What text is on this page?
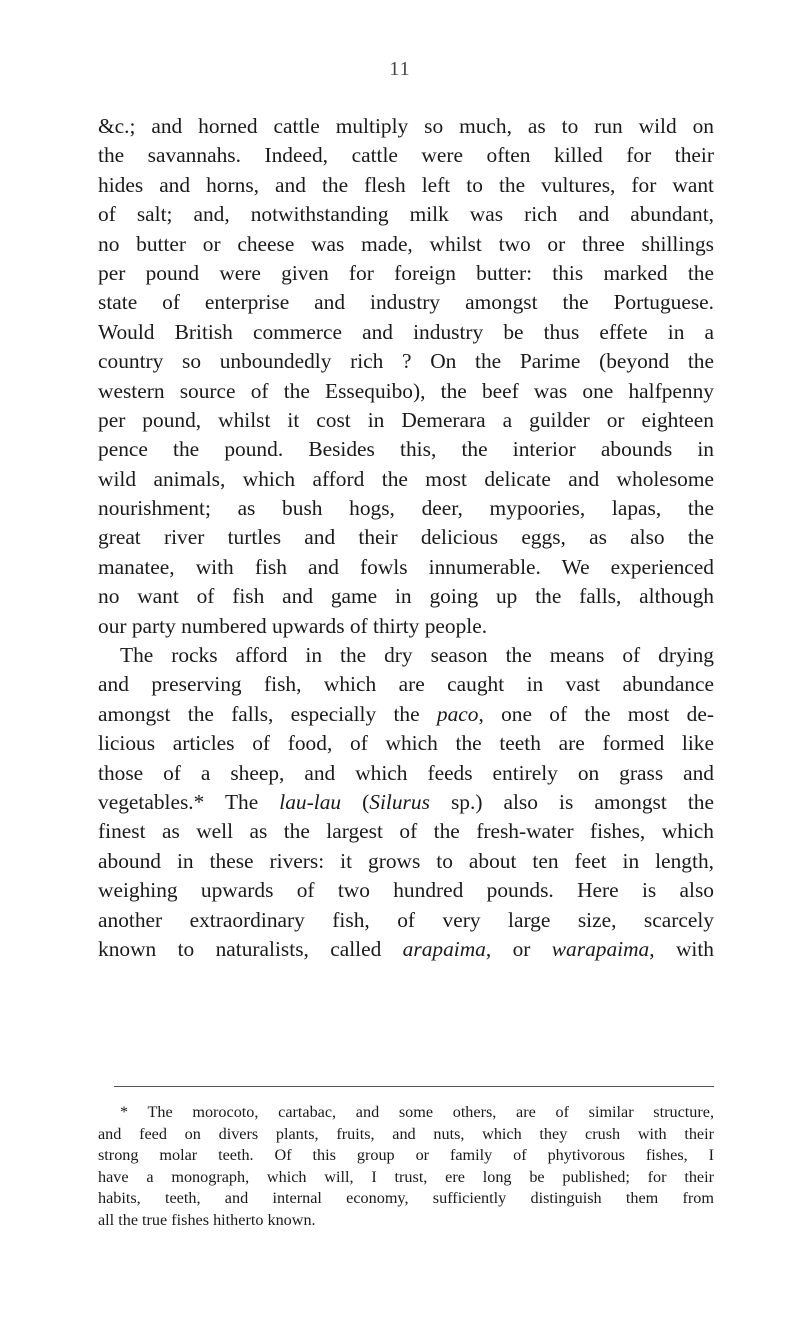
11
&c.; and horned cattle multiply so much, as to run wild on
the savannahs. Indeed, cattle were often killed for their
hides and horns, and the flesh left to the vultures, for want
of salt; and, notwithstanding milk was rich and abundant,
no butter or cheese was made, whilst two or three shillings
per pound were given for foreign butter: this marked the
state of enterprise and industry amongst the Portuguese.
Would British commerce and industry be thus effete in a
country so unboundedly rich ? On the Parime (beyond the
western source of the Essequibo), the beef was one halfpenny
per pound, whilst it cost in Demerara a guilder or eighteen
pence the pound. Besides this, the interior abounds in
wild animals, which afford the most delicate and wholesome
nourishment; as bush hogs, deer, mypoories, lapas, the
great river turtles and their delicious eggs, as also the
manatee, with fish and fowls innumerable. We experienced
no want of fish and game in going up the falls, although
our party numbered upwards of thirty people.
The rocks afford in the dry season the means of drying
and preserving fish, which are caught in vast abundance
amongst the falls, especially the paco, one of the most de-
licious articles of food, of which the teeth are formed like
those of a sheep, and which feeds entirely on grass and
vegetables.* The lau-lau (Silurus sp.) also is amongst the
finest as well as the largest of the fresh-water fishes, which
abound in these rivers: it grows to about ten feet in length,
weighing upwards of two hundred pounds. Here is also
another extraordinary fish, of very large size, scarcely
known to naturalists, called arapaima, or warapaima, with
* The morocoto, cartabac, and some others, are of similar structure,
and feed on divers plants, fruits, and nuts, which they crush with their
strong molar teeth. Of this group or family of phytivorous fishes, I
have a monograph, which will, I trust, ere long be published; for their
habits, teeth, and internal economy, sufficiently distinguish them from
all the true fishes hitherto known.
